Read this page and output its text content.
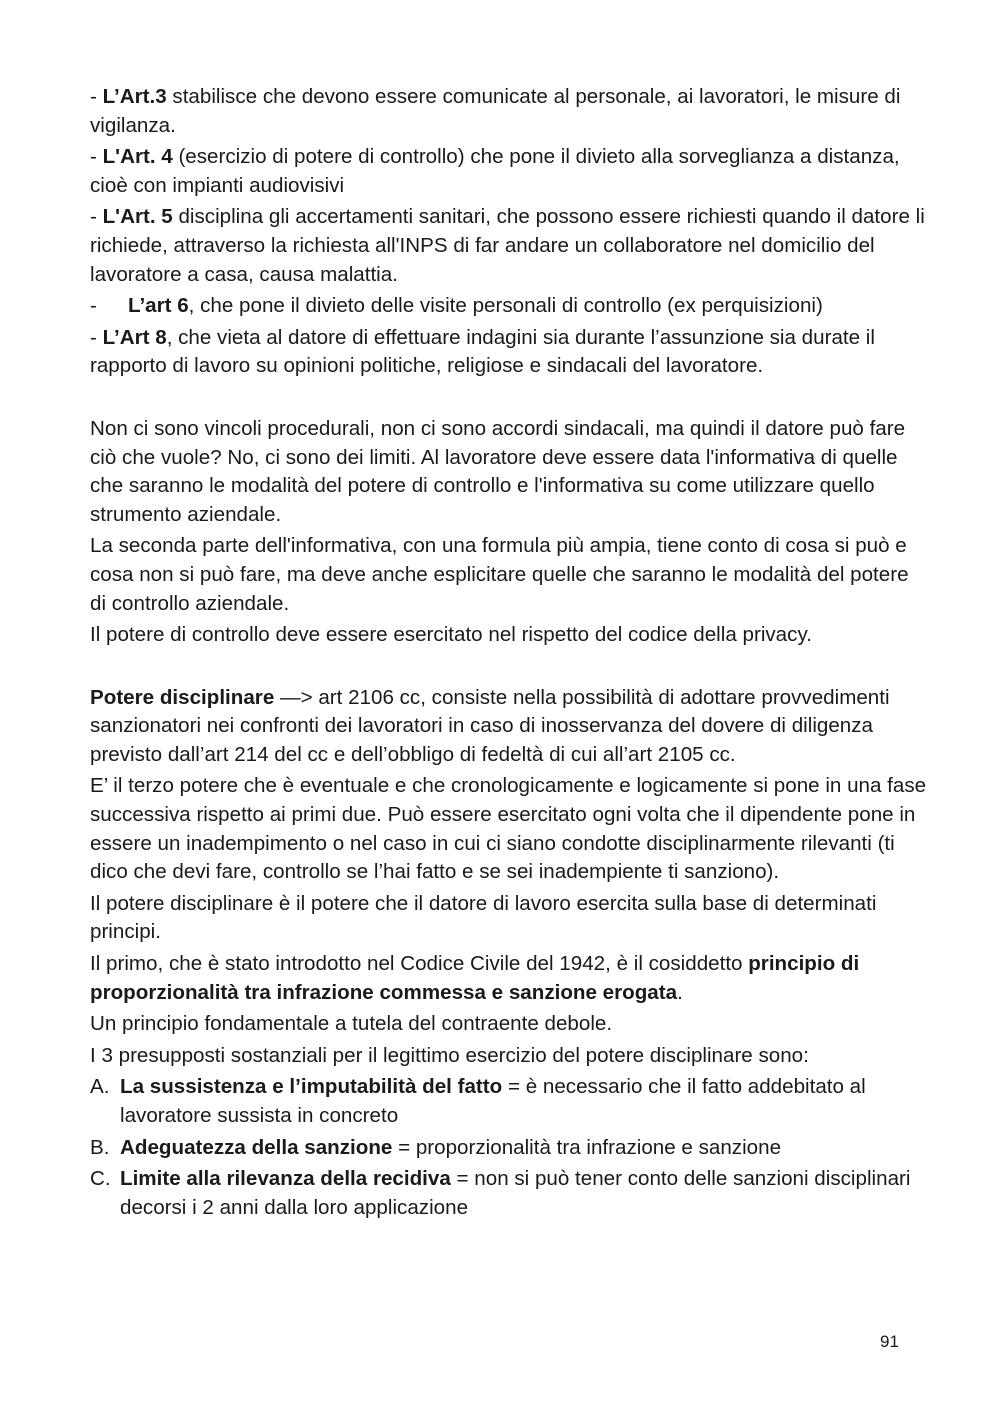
- L’Art.3 stabilisce che devono essere comunicate al personale, ai lavoratori, le misure di vigilanza.

- L'Art. 4 (esercizio di potere di controllo) che pone il divieto alla sorveglianza a distanza, cioè con impianti audiovisivi

- L'Art. 5 disciplina gli accertamenti sanitari, che possono essere richiesti quando il datore li richiede, attraverso la richiesta all'INPS di far andare un collaboratore nel domicilio del lavoratore a casa, causa malattia.

-	L’art 6, che pone il divieto delle visite personali di controllo (ex perquisizioni)

- L’Art 8, che vieta al datore di effettuare indagini sia durante l’assunzione sia durate il rapporto di lavoro su opinioni politiche, religiose e sindacali del lavoratore.

Non ci sono vincoli procedurali, non ci sono accordi sindacali, ma quindi il datore può fare ciò che vuole? No, ci sono dei limiti. Al lavoratore deve essere data l'informativa di quelle che saranno le modalità del potere di controllo e l'informativa su come utilizzare quello strumento aziendale.

La seconda parte dell'informativa, con una formula più ampia, tiene conto di cosa si può e cosa non si può fare, ma deve anche esplicitare quelle che saranno le modalità del potere di controllo aziendale.

Il potere di controllo deve essere esercitato nel rispetto del codice della privacy.

Potere disciplinare —> art 2106 cc, consiste nella possibilità di adottare provvedimenti sanzionatori nei confronti dei lavoratori in caso di inosservanza del dovere di diligenza previsto dall’art 214 del cc e dell’obbligo di fedeltà di cui all’art 2105 cc.

E’ il terzo potere che è eventuale e che cronologicamente e logicamente si pone in una fase successiva rispetto ai primi due. Può essere esercitato ogni volta che il dipendente pone in essere un inadempimento o nel caso in cui ci siano condotte disciplinarmente rilevanti (ti dico che devi fare, controllo se l’hai fatto e se sei inadempiente ti sanziono).

Il potere disciplinare è il potere che il datore di lavoro esercita sulla base di determinati principi.

Il primo, che è stato introdotto nel Codice Civile del 1942, è il cosiddetto principio di proporzionalità tra infrazione commessa e sanzione erogata.

Un principio fondamentale a tutela del contraente debole.

I 3 presupposti sostanziali per il legittimo esercizio del potere disciplinare sono:

A. La sussistenza e l’imputabilità del fatto = è necessario che il fatto addebitato al lavoratore sussista in concreto
B. Adeguatezza della sanzione = proporzionalità tra infrazione e sanzione
C. Limite alla rilevanza della recidiva = non si può tener conto delle sanzioni disciplinari decorsi i 2 anni dalla loro applicazione
91
